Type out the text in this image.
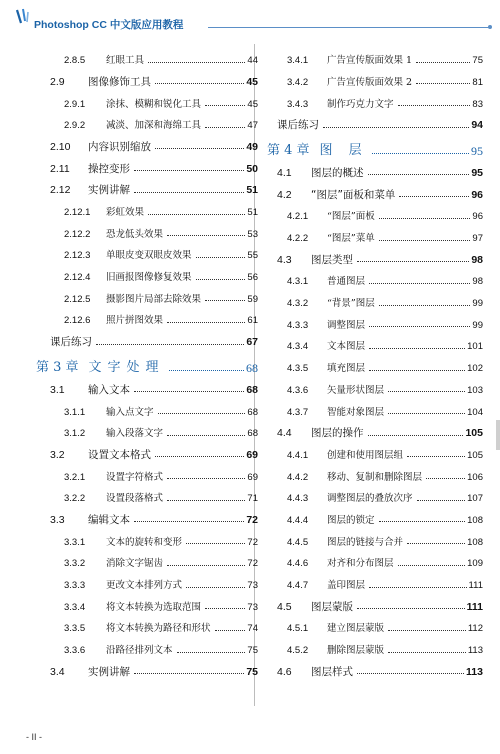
Photoshop CC 中文版应用教程
2.8.5	红眼工具	44
2.9	图像修饰工具	45
2.9.1	涂抹、模糊和锐化工具	45
2.9.2	减淡、加深和海绵工具	47
2.10	内容识别缩放	49
2.11	操控变形	50
2.12	实例讲解	51
2.12.1	彩虹效果	51
2.12.2	恐龙低头效果	53
2.12.3	单眼皮变双眼皮效果	55
2.12.4	旧画报图像修复效果	56
2.12.5	摄影图片局部去除效果	59
2.12.6	照片拼图效果	61
课后练习	67
第 3 章 文字处理	68
3.1	输入文本	68
3.1.1	输入点文字	68
3.1.2	输入段落文字	68
3.2	设置文本格式	69
3.2.1	设置字符格式	69
3.2.2	设置段落格式	71
3.3	编辑文本	72
3.3.1	文本的旋转和变形	72
3.3.2	消除文字锯齿	72
3.3.3	更改文本排列方式	73
3.3.4	将文本转换为选取范围	73
3.3.5	将文本转换为路径和形状	74
3.3.6	沿路径排列文本	75
3.4	实例讲解	75
3.4.1	广告宣传版面效果 1	75
3.4.2	广告宣传版面效果 2	81
3.4.3	制作巧克力文字	83
课后练习	94
第 4 章 图 层	95
4.1	图层的概述	95
4.2	“图层”面板和菜单	96
4.2.1	“图层”面板	96
4.2.2	“图层”菜单	97
4.3	图层类型	98
4.3.1	普通图层	98
4.3.2	“背景”图层	99
4.3.3	调整图层	99
4.3.4	文本图层	101
4.3.5	填充图层	102
4.3.6	矢量形状图层	103
4.3.7	智能对象图层	104
4.4	图层的操作	105
4.4.1	创建和使用图层组	105
4.4.2	移动、复制和删除图层	106
4.4.3	调整图层的叠放次序	107
4.4.4	图层的锁定	108
4.4.5	图层的链接与合并	108
4.4.6	对齐和分布图层	109
4.4.7	盖印图层	111
4.5	图层蒙版	111
4.5.1	建立图层蒙版	112
4.5.2	删除图层蒙版	113
4.6	图层样式	113
- II -
